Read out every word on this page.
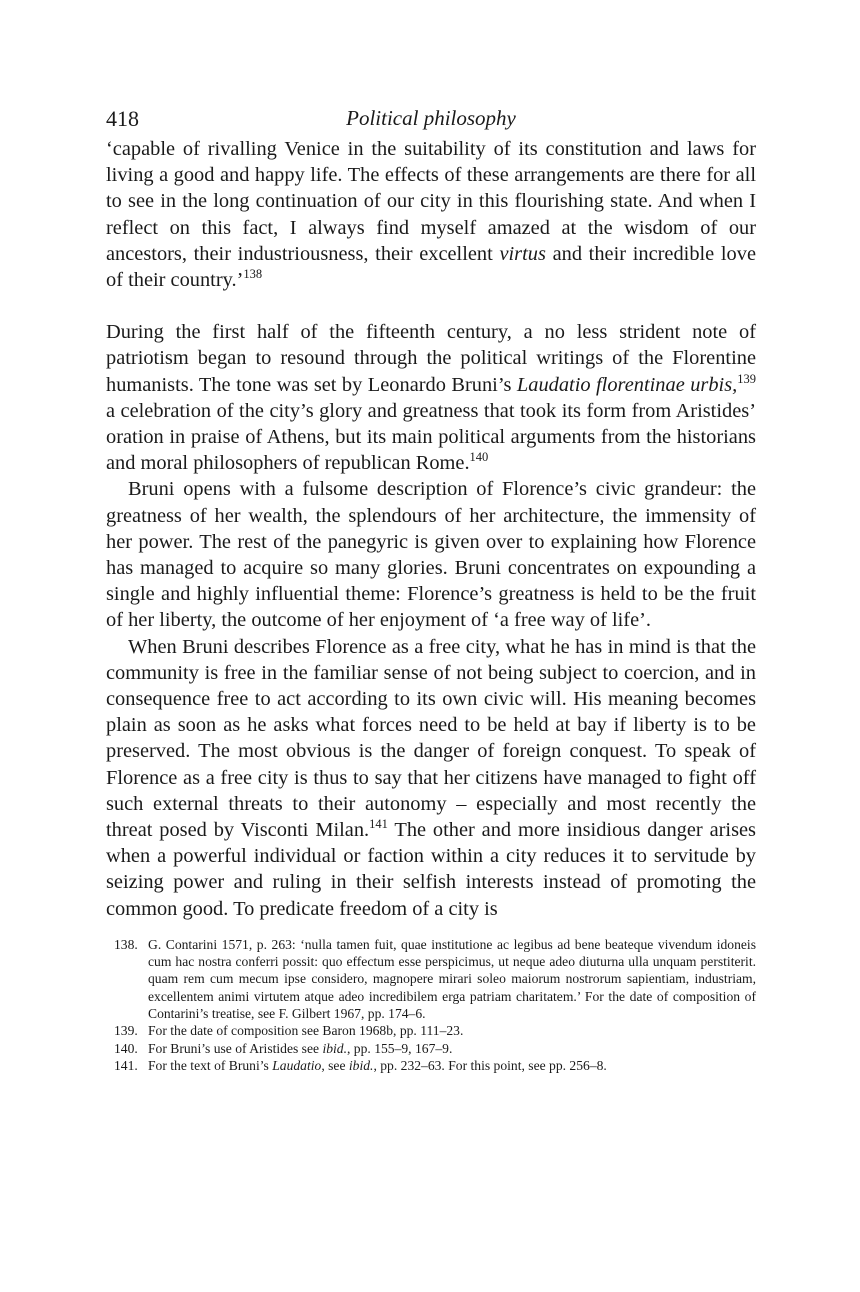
418	Political philosophy

‘capable of rivalling Venice in the suitability of its constitution and laws for living a good and happy life. The effects of these arrangements are there for all to see in the long continuation of our city in this flourishing state. And when I reflect on this fact, I always find myself amazed at the wisdom of our ancestors, their industriousness, their excellent virtus and their incredible love of their country.’$^{138}$

During the first half of the fifteenth century, a no less strident note of patriotism began to resound through the political writings of the Florentine humanists. The tone was set by Leonardo Bruni’s Laudatio florentinae urbis,$^{139}$ a celebration of the city’s glory and greatness that took its form from Aristides’ oration in praise of Athens, but its main political arguments from the historians and moral philosophers of republican Rome.$^{140}$

Bruni opens with a fulsome description of Florence’s civic grandeur: the greatness of her wealth, the splendours of her architecture, the immensity of her power. The rest of the panegyric is given over to explaining how Florence has managed to acquire so many glories. Bruni concentrates on expounding a single and highly influential theme: Florence’s greatness is held to be the fruit of her liberty, the outcome of her enjoyment of ‘a free way of life’.

When Bruni describes Florence as a free city, what he has in mind is that the community is free in the familiar sense of not being subject to coercion, and in consequence free to act according to its own civic will. His meaning becomes plain as soon as he asks what forces need to be held at bay if liberty is to be preserved. The most obvious is the danger of foreign conquest. To speak of Florence as a free city is thus to say that her citizens have managed to fight off such external threats to their autonomy – especially and most recently the threat posed by Visconti Milan.$^{141}$ The other and more insidious danger arises when a powerful individual or faction within a city reduces it to servitude by seizing power and ruling in their selfish interests instead of promoting the common good. To predicate freedom of a city is

138. G. Contarini 1571, p. 263: ‘nulla tamen fuit, quae institutione ac legibus ad bene beateque vivendum idoneis cum hac nostra conferri possit: quo effectum esse perspicimus, ut neque adeo diuturna ulla unquam perstiterit. quam rem cum mecum ipse considero, magnopere mirari soleo maiorum nostrorum sapientiam, industriam, excellentem animi virtutem atque adeo incredibilem erga patriam charitatem.’ For the date of composition of Contarini’s treatise, see F. Gilbert 1967, pp. 174–6.

139. For the date of composition see Baron 1968b, pp. 111–23.

140. For Bruni’s use of Aristides see ibid., pp. 155–9, 167–9.

141. For the text of Bruni’s Laudatio, see ibid., pp. 232–63. For this point, see pp. 256–8.
